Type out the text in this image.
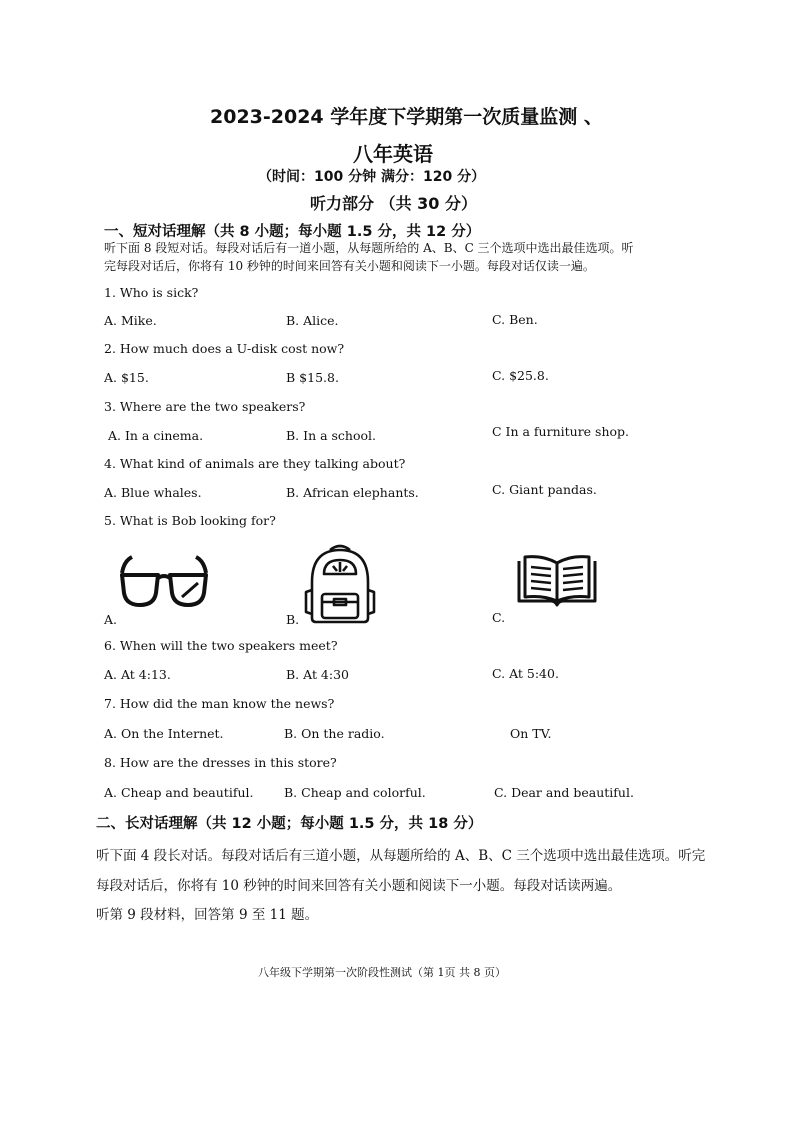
2023-2024 学年度下学期第一次质量监测 、
八年英语
（时间：100 分钟 满分：120 分）
听力部分 （共 30 分）
一、短对话理解（共 8 小题；每小题 1.5 分，共 12 分）
听下面 8 段短对话。每段对话后有一道小题，从每题所给的 A、B、C 三个选项中选出最佳选项。听
完每段对话后，你将有 10 秒钟的时间来回答有关小题和阅读下一小题。每段对话仅读一遍。
1. Who is sick?
A. Mike.	B. Alice.	C. Ben.
2. How much does a U-disk cost now?
A. $15.	B $15.8.	C. $25.8.
3. Where are the two speakers?
A. In a cinema.	B. In a school.	C In a furniture shop.
4. What kind of animals are they talking about?
A. Blue whales.	B. African elephants.	C. Giant pandas.
5. What is Bob looking for?
A.	B.	C.
6. When will the two speakers meet?
A. At 4:13.	B. At 4:30	C. At 5:40.
7. How did the man know the news?
A. On the Internet.	B. On the radio.	On TV.
8. How are the dresses in this store?
A. Cheap and beautiful. B. Cheap and colorful.	C. Dear and beautiful.
二、长对话理解（共 12 小题；每小题 1.5 分，共 18 分）
听下面 4 段长对话。每段对话后有三道小题，从每题所给的 A、B、C 三个选项中选出最佳选项。听完
每段对话后，你将有 10 秒钟的时间来回答有关小题和阅读下一小题。每段对话读两遍。
听第 9 段材料，回答第 9 至 11 题。
八年级下学期第一次阶段性测试（第 1页 共 8 页）
